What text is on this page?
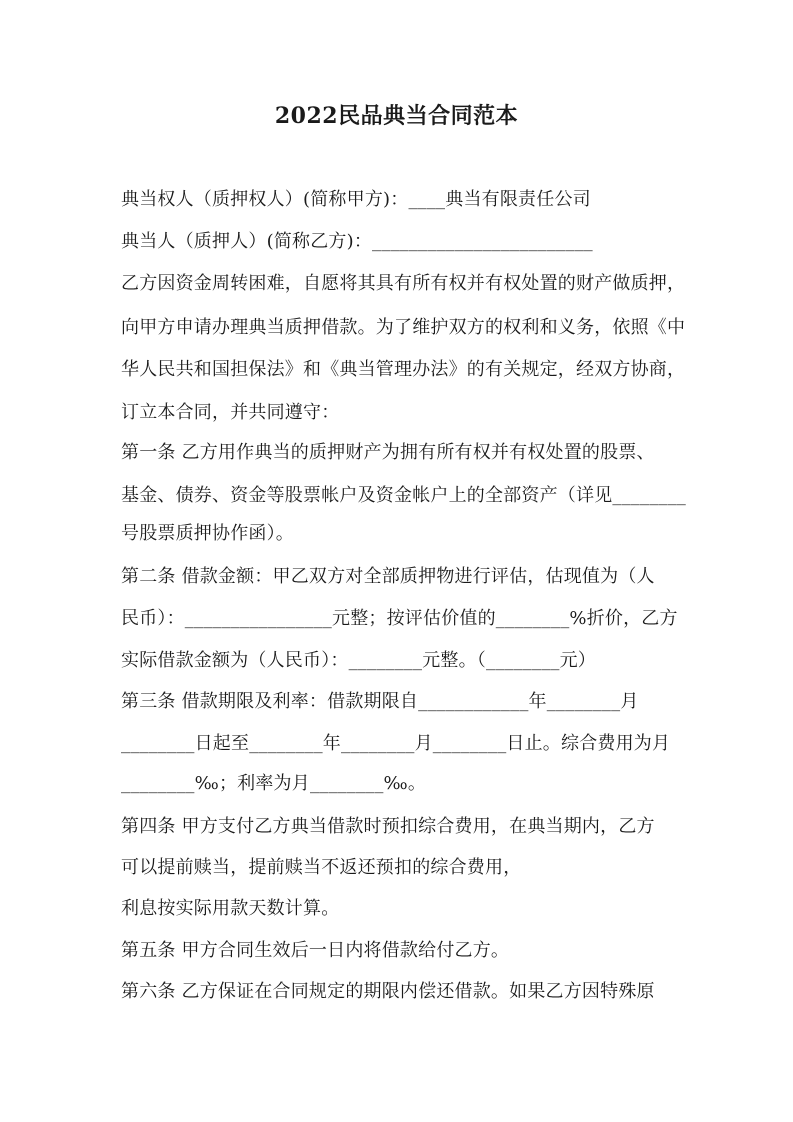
2022民品典当合同范本
典当权人（质押权人）(简称甲方)：____典当有限责任公司
典当人（质押人）(简称乙方)：________________________
乙方因资金周转困难，自愿将其具有所有权并有权处置的财产做质押，
向甲方申请办理典当质押借款。为了维护双方的权利和义务，依照《中
华人民共和国担保法》和《典当管理办法》的有关规定，经双方协商，
订立本合同，并共同遵守：
第一条 乙方用作典当的质押财产为拥有所有权并有权处置的股票、
基金、债券、资金等股票帐户及资金帐户上的全部资产（详见________
号股票质押协作函）。
第二条 借款金额：甲乙双方对全部质押物进行评估，估现值为（人
民币）：________________元整；按评估价值的________%折价，乙方
实际借款金额为（人民币）：________元整。（________元）
第三条 借款期限及利率：借款期限自____________年________月
________日起至________年________月________日止。综合费用为月
________‰；利率为月________‰。
第四条 甲方支付乙方典当借款时预扣综合费用，在典当期内，乙方
可以提前赎当，提前赎当不返还预扣的综合费用，
利息按实际用款天数计算。
第五条 甲方合同生效后一日内将借款给付乙方。
第六条 乙方保证在合同规定的期限内偿还借款。如果乙方因特殊原
